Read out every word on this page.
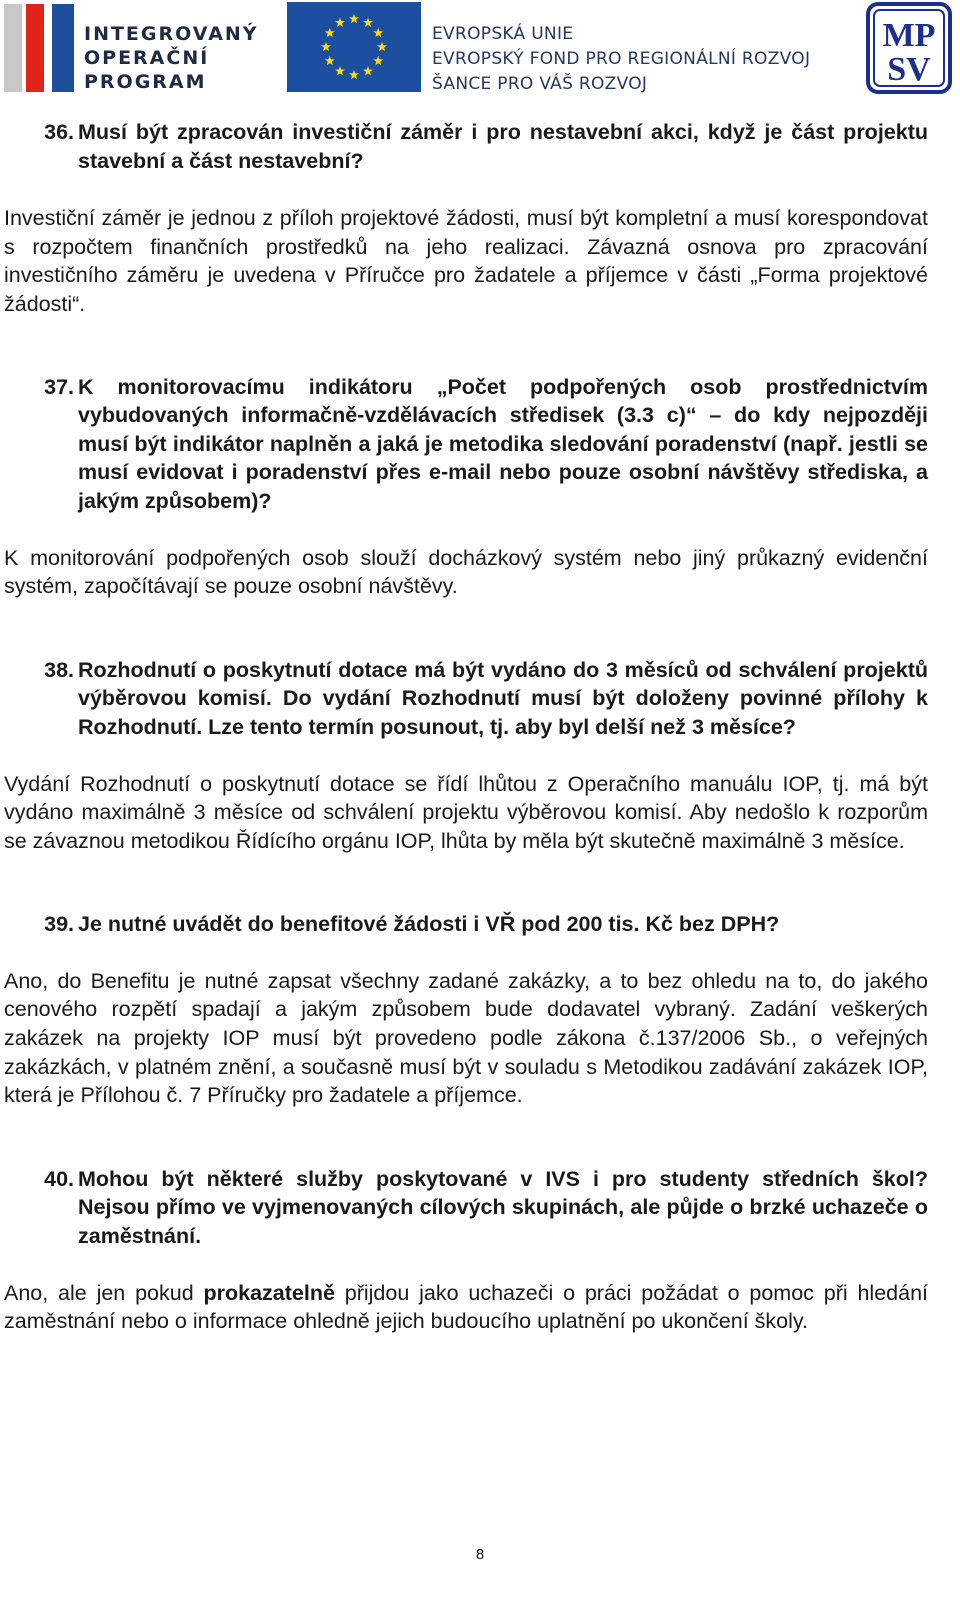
INTEGROVANÝ
OPERAČNÍ
PROGRAM
EVROPSKÁ UNIE
EVROPSKÝ FOND PRO REGIONÁLNÍ ROZVOJ
ŠANCE PRO VÁŠ ROZVOJ
MP
SV
36. Musí být zpracován investiční záměr i pro nestavební akci, když je část projektu stavební a část nestavební?

Investiční záměr je jednou z příloh projektové žádosti, musí být kompletní a musí korespondovat s rozpočtem finančních prostředků na jeho realizaci. Závazná osnova pro zpracování investičního záměru je uvedena v Příručce pro žadatele a příjemce v části „Forma projektové žádosti“.

37. K monitorovacímu indikátoru „Počet podpořených osob prostřednictvím vybudovaných informačně-vzdělávacích středisek (3.3 c)“ – do kdy nejpozději musí být indikátor naplněn a jaká je metodika sledování poradenství (např. jestli se musí evidovat i poradenství přes e-mail nebo pouze osobní návštěvy střediska, a jakým způsobem)?

K monitorování podpořených osob slouží docházkový systém nebo jiný průkazný evidenční systém, započítávají se pouze osobní návštěvy.

38. Rozhodnutí o poskytnutí dotace má být vydáno do 3 měsíců od schválení projektů výběrovou komisí. Do vydání Rozhodnutí musí být doloženy povinné přílohy k Rozhodnutí. Lze tento termín posunout, tj. aby byl delší než 3 měsíce?

Vydání Rozhodnutí o poskytnutí dotace se řídí lhůtou z Operačního manuálu IOP, tj. má být vydáno maximálně 3 měsíce od schválení projektu výběrovou komisí. Aby nedošlo k rozporům se závaznou metodikou Řídícího orgánu IOP, lhůta by měla být skutečně maximálně 3 měsíce.

39. Je nutné uvádět do benefitové žádosti i VŘ pod 200 tis. Kč bez DPH?

Ano, do Benefitu je nutné zapsat všechny zadané zakázky, a to bez ohledu na to, do jakého cenového rozpětí spadají a jakým způsobem bude dodavatel vybraný. Zadání veškerých zakázek na projekty IOP musí být provedeno podle zákona č.137/2006 Sb., o veřejných zakázkách, v platném znění, a současně musí být v souladu s Metodikou zadávání zakázek IOP, která je Přílohou č. 7 Příručky pro žadatele a příjemce.

40. Mohou být některé služby poskytované v IVS i pro studenty středních škol? Nejsou přímo ve vyjmenovaných cílových skupinách, ale půjde o brzké uchazeče o zaměstnání.

Ano, ale jen pokud prokazatelně přijdou jako uchazeči o práci požádat o pomoc při hledání zaměstnání nebo o informace ohledně jejich budoucího uplatnění po ukončení školy.

8
